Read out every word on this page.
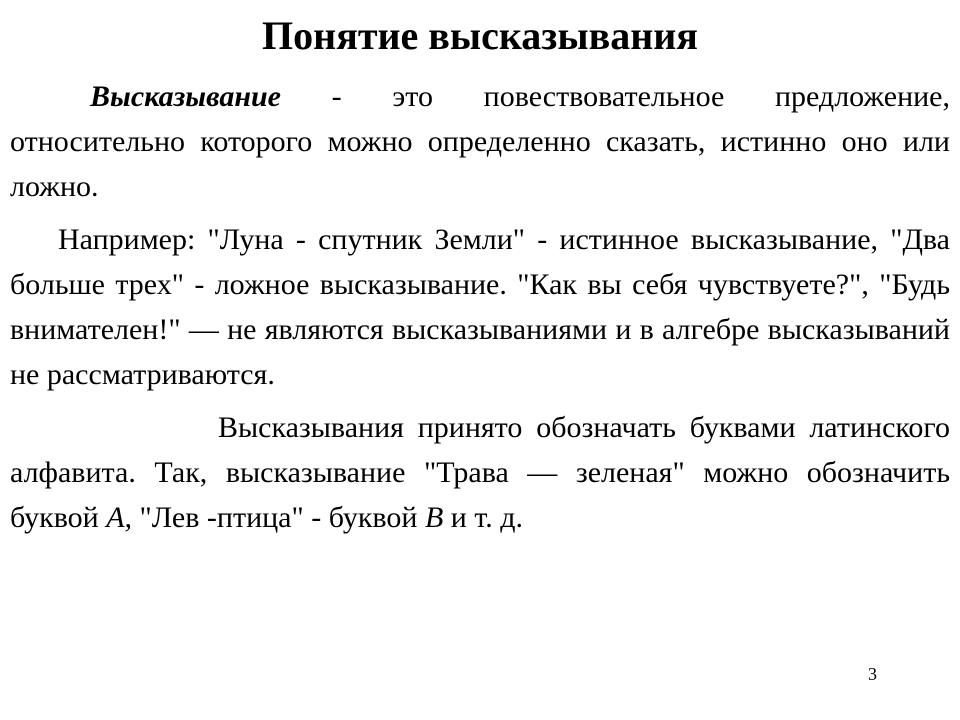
Понятие высказывания

Высказывание - это повествовательное предложение, относительно которого можно определенно сказать, истинно оно или ложно.

Например: "Луна - спутник Земли" - истинное высказывание, "Два больше трех" - ложное высказывание. "Как вы себя чувствуете?", "Будь внимателен!" — не являются высказываниями и в алгебре высказываний не рассматриваются.

Высказывания принято обозначать буквами латинского алфавита. Так, высказывание "Трава — зеленая" можно обозначить буквой А, "Лев -птица" - буквой В и т. д.

3
